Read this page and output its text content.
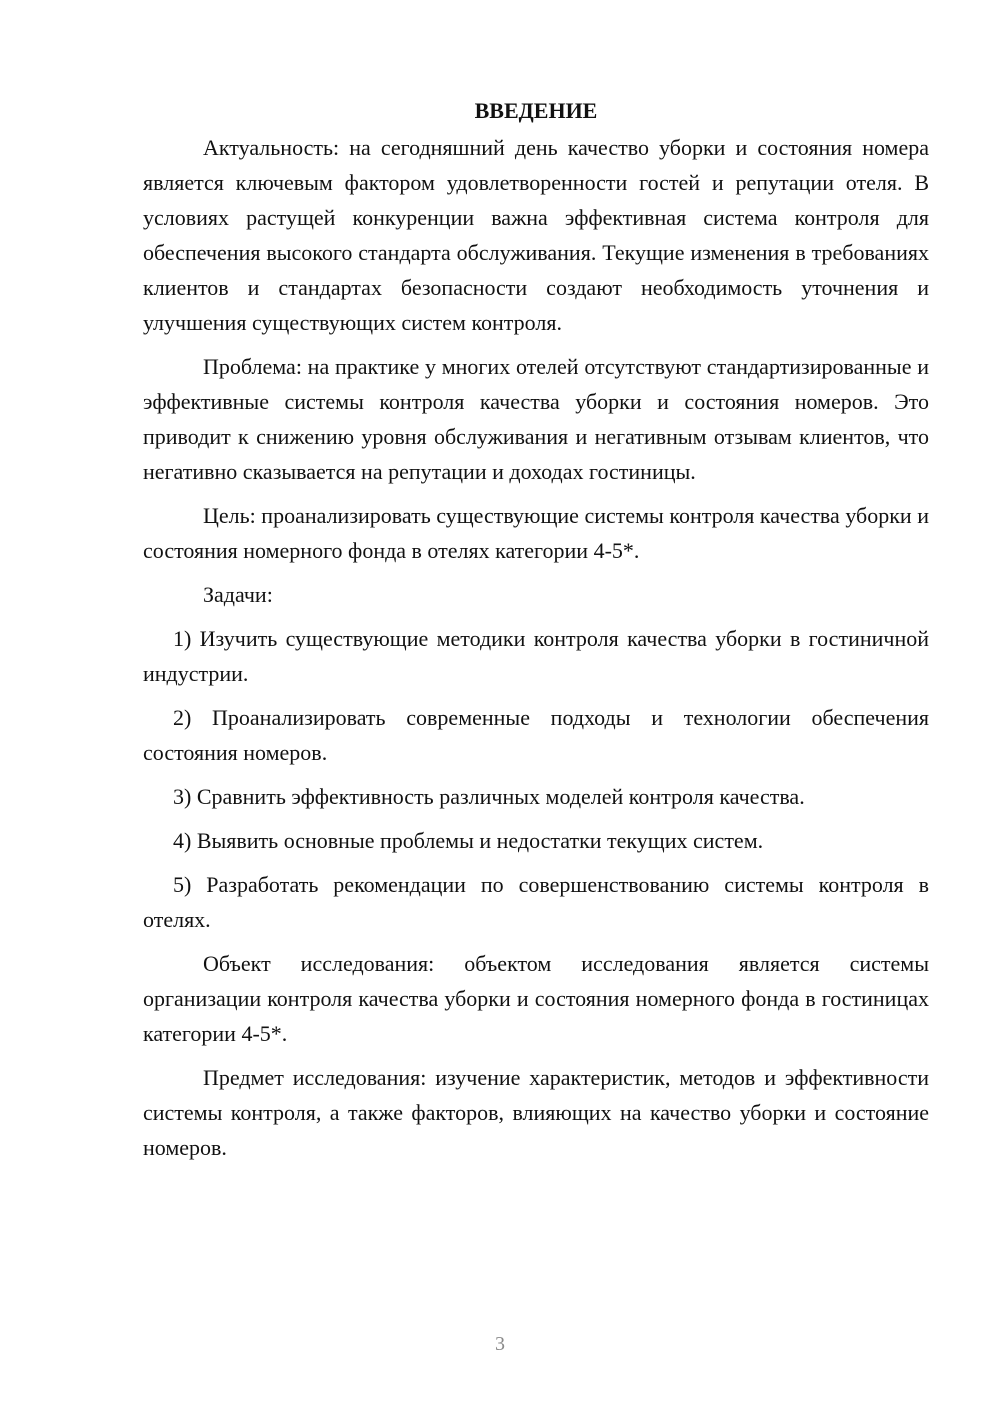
ВВЕДЕНИЕ

Актуальность: на сегодняшний день качество уборки и состояния номера является ключевым фактором удовлетворенности гостей и репутации отеля. В условиях растущей конкуренции важна эффективная система контроля для обеспечения высокого стандарта обслуживания. Текущие изменения в требованиях клиентов и стандартах безопасности создают необходимость уточнения и улучшения существующих систем контроля.

Проблема: на практике у многих отелей отсутствуют стандартизированные и эффективные системы контроля качества уборки и состояния номеров. Это приводит к снижению уровня обслуживания и негативным отзывам клиентов, что негативно сказывается на репутации и доходах гостиницы.

Цель: проанализировать существующие системы контроля качества уборки и состояния номерного фонда в отелях категории 4-5*.

Задачи:

1) Изучить существующие методики контроля качества уборки в гостиничной индустрии.

2) Проанализировать современные подходы и технологии обеспечения состояния номеров.

3) Сравнить эффективность различных моделей контроля качества.

4) Выявить основные проблемы и недостатки текущих систем.

5) Разработать рекомендации по совершенствованию системы контроля в отелях.

Объект исследования: объектом исследования является системы организации контроля качества уборки и состояния номерного фонда в гостиницах категории 4-5*.

Предмет исследования: изучение характеристик, методов и эффективности системы контроля, а также факторов, влияющих на качество уборки и состояние номеров.

3
